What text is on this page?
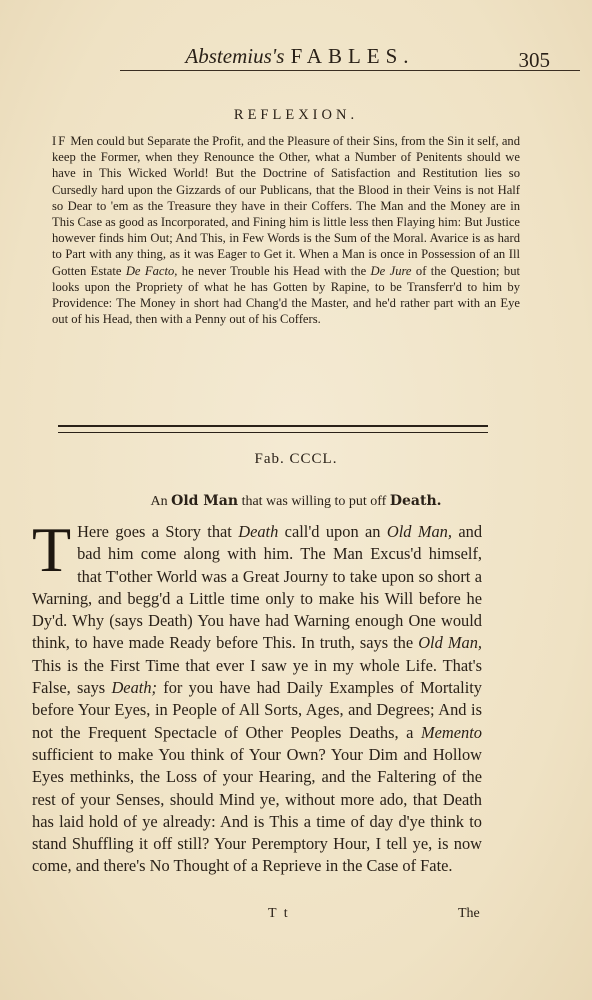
Abstemius's FABLES.	305
REFLEXION.

IF Men could but Separate the Profit, and the Pleasure of their Sins, from the Sin it self, and keep the Former, when they Renounce the Other, what a Number of Penitents should we have in This Wicked World! But the Doctrine of Satisfaction and Restitution lies so Cursedly hard upon the Gizzards of our Publicans, that the Blood in their Veins is not Half so Dear to 'em as the Treasure they have in their Coffers. The Man and the Money are in This Case as good as Incorporated, and Fining him is little less then Flaying him: But Justice however finds him Out; And This, in Few Words is the Sum of the Moral. Avarice is as hard to Part with any thing, as it was Eager to Get it. When a Man is once in Possession of an Ill Gotten Estate De Facto, he never Trouble his Head with the De Jure of the Question; but looks upon the Propriety of what he has Gotten by Rapine, to be Transferr'd to him by Providence: The Money in short had Chang'd the Master, and he'd rather part with an Eye out of his Head, then with a Penny out of his Coffers.

Fab. CCCL.
An Old Man that was willing to put off Death.
T Here goes a Story that Death call'd upon an Old Man, and bad him come along with him. The Man Excus'd himself, that T'other World was a Great Journy to take upon so short a Warning, and begg'd a Little time only to make his Will before he Dy'd. Why (says Death) You have had Warning enough One would think, to have made Ready before This. In truth, says the Old Man, This is the First Time that ever I saw ye in my whole Life. That's False, says Death; for you have had Daily Examples of Mortality before Your Eyes, in People of All Sorts, Ages, and Degrees; And is not the Frequent Spectacle of Other Peoples Deaths, a Memento sufficient to make You think of Your Own? Your Dim and Hollow Eyes methinks, the Loss of your Hearing, and the Faltering of the rest of your Senses, should Mind ye, without more ado, that Death has laid hold of ye already: And is This a time of day d'ye think to stand Shuffling it off still? Your Peremptory Hour, I tell ye, is now come, and there's No Thought of a Reprieve in the Case of Fate.

T t	The
